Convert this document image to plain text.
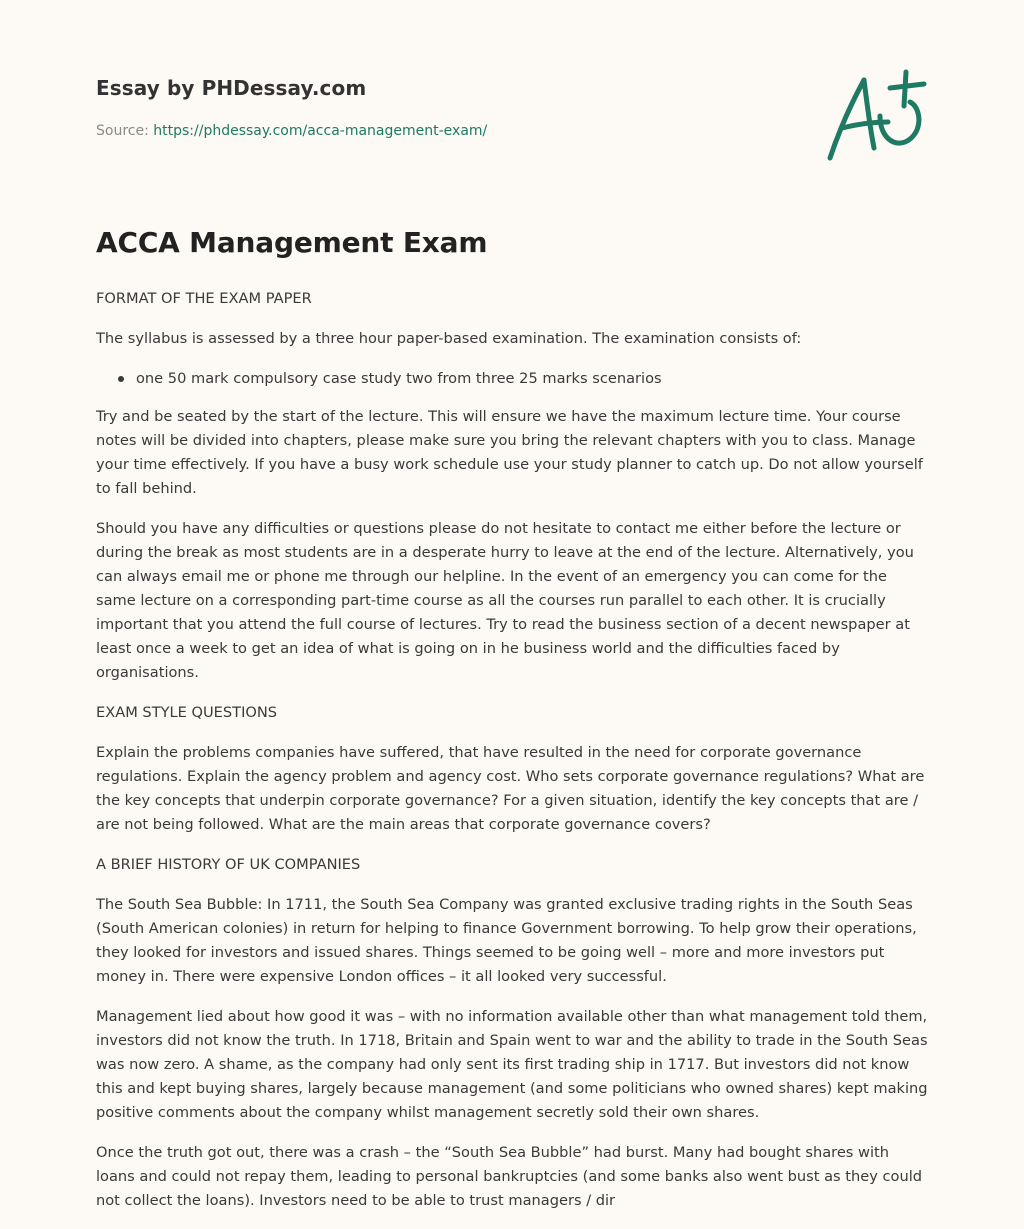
Essay by PHDessay.com

Source: https://phdessay.com/acca-management-exam/

ACCA Management Exam

FORMAT OF THE EXAM PAPER

The syllabus is assessed by a three hour paper-based examination. The examination consists of:

one 50 mark compulsory case study two from three 25 marks scenarios

Try and be seated by the start of the lecture. This will ensure we have the maximum lecture time. Your course notes will be divided into chapters, please make sure you bring the relevant chapters with you to class. Manage your time effectively. If you have a busy work schedule use your study planner to catch up. Do not allow yourself to fall behind.

Should you have any difficulties or questions please do not hesitate to contact me either before the lecture or during the break as most students are in a desperate hurry to leave at the end of the lecture. Alternatively, you can always email me or phone me through our helpline. In the event of an emergency you can come for the same lecture on a corresponding part-time course as all the courses run parallel to each other. It is crucially important that you attend the full course of lectures. Try to read the business section of a decent newspaper at least once a week to get an idea of what is going on in he business world and the difficulties faced by organisations.

EXAM STYLE QUESTIONS

Explain the problems companies have suffered, that have resulted in the need for corporate governance regulations. Explain the agency problem and agency cost. Who sets corporate governance regulations? What are the key concepts that underpin corporate governance? For a given situation, identify the key concepts that are / are not being followed. What are the main areas that corporate governance covers?

A BRIEF HISTORY OF UK COMPANIES

The South Sea Bubble: In 1711, the South Sea Company was granted exclusive trading rights in the South Seas (South American colonies) in return for helping to finance Government borrowing. To help grow their operations, they looked for investors and issued shares. Things seemed to be going well – more and more investors put money in. There were expensive London offices – it all looked very successful.

Management lied about how good it was – with no information available other than what management told them, investors did not know the truth. In 1718, Britain and Spain went to war and the ability to trade in the South Seas was now zero. A shame, as the company had only sent its first trading ship in 1717. But investors did not know this and kept buying shares, largely because management (and some politicians who owned shares) kept making positive comments about the company whilst management secretly sold their own shares.

Once the truth got out, there was a crash – the “South Sea Bubble” had burst. Many had bought shares with loans and could not repay them, leading to personal bankruptcies (and some banks also went bust as they could not collect the loans). Investors need to be able to trust managers / dir
